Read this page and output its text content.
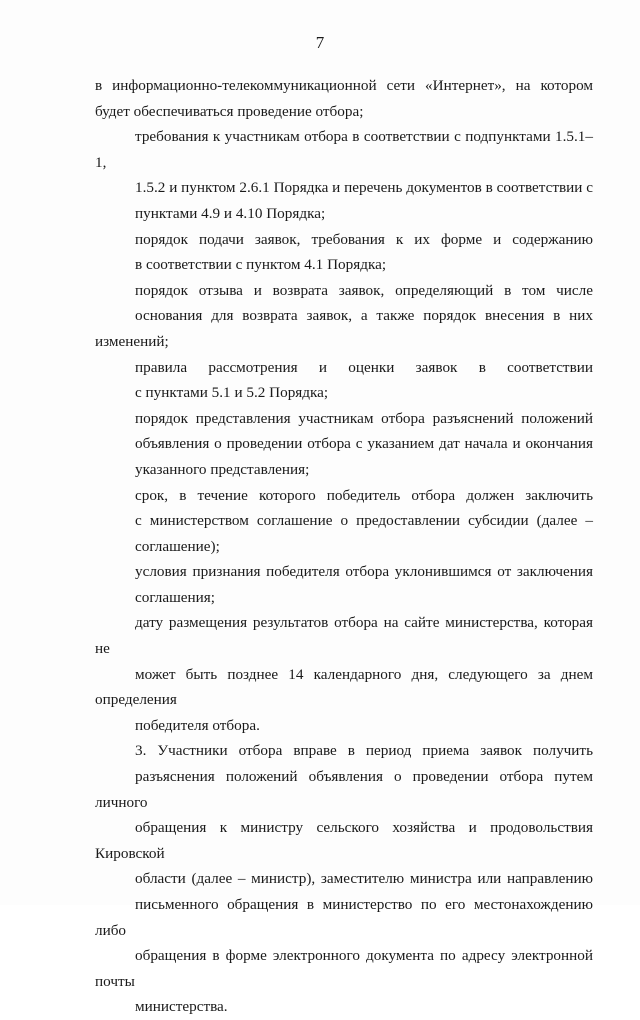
7

в информационно-телекоммуникационной сети «Интернет», на котором
будет обеспечиваться проведение отбора;

требования к участникам отбора в соответствии с подпунктами 1.5.1–1,
1.5.2 и пунктом 2.6.1 Порядка и перечень документов в соответствии с
пунктами 4.9 и 4.10 Порядка;

порядок подачи заявок, требования к их форме и содержанию
в соответствии с пунктом 4.1 Порядка;

порядок отзыва и возврата заявок, определяющий в том числе
основания для возврата заявок, а также порядок внесения в них изменений;

правила рассмотрения и оценки заявок в соответствии
с пунктами 5.1 и 5.2 Порядка;

порядок представления участникам отбора разъяснений положений
объявления о проведении отбора с указанием дат начала и окончания
указанного представления;

срок, в течение которого победитель отбора должен заключить
с министерством соглашение о предоставлении субсидии (далее –
соглашение);

условия признания победителя отбора уклонившимся от заключения
соглашения;

дату размещения результатов отбора на сайте министерства, которая не
может быть позднее 14 календарного дня, следующего за днем определения
победителя отбора.

3. Участники отбора вправе в период приема заявок получить
разъяснения положений объявления о проведении отбора путем личного
обращения к министру сельского хозяйства и продовольствия Кировской
области (далее – министр), заместителю министра или направлению
письменного обращения в министерство по его местонахождению либо
обращения в форме электронного документа по адресу электронной почты
министерства.
